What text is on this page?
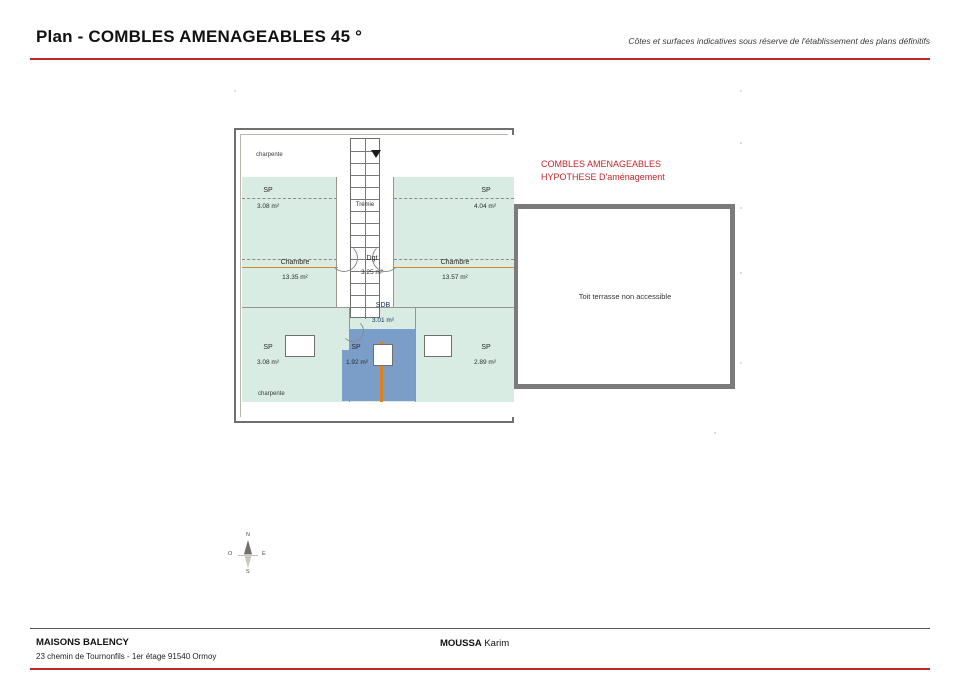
Plan - COMBLES AMENAGEABLES 45 °	Côtes et surfaces indicatives sous réserve de l'établissement des plans définitifs
Toit terrasse non accessible
COMBLES AMENAGEABLES
HYPOTHESE D'aménagement
charpente
charpente
SP
3.08 m²
SP
4.04 m²
Trémie
Chambre
13.35 m²
Dgt
3.25 m²
Chambre
13.57 m²
SDB
3.01 m²
SP
3.08 m²
SP
1.92 m²
SP
2.89 m²
N
S
O	E
MAISONS BALENCY
23 chemin de Tournonfils - 1er étage 91540 Ormoy
MOUSSA Karim
